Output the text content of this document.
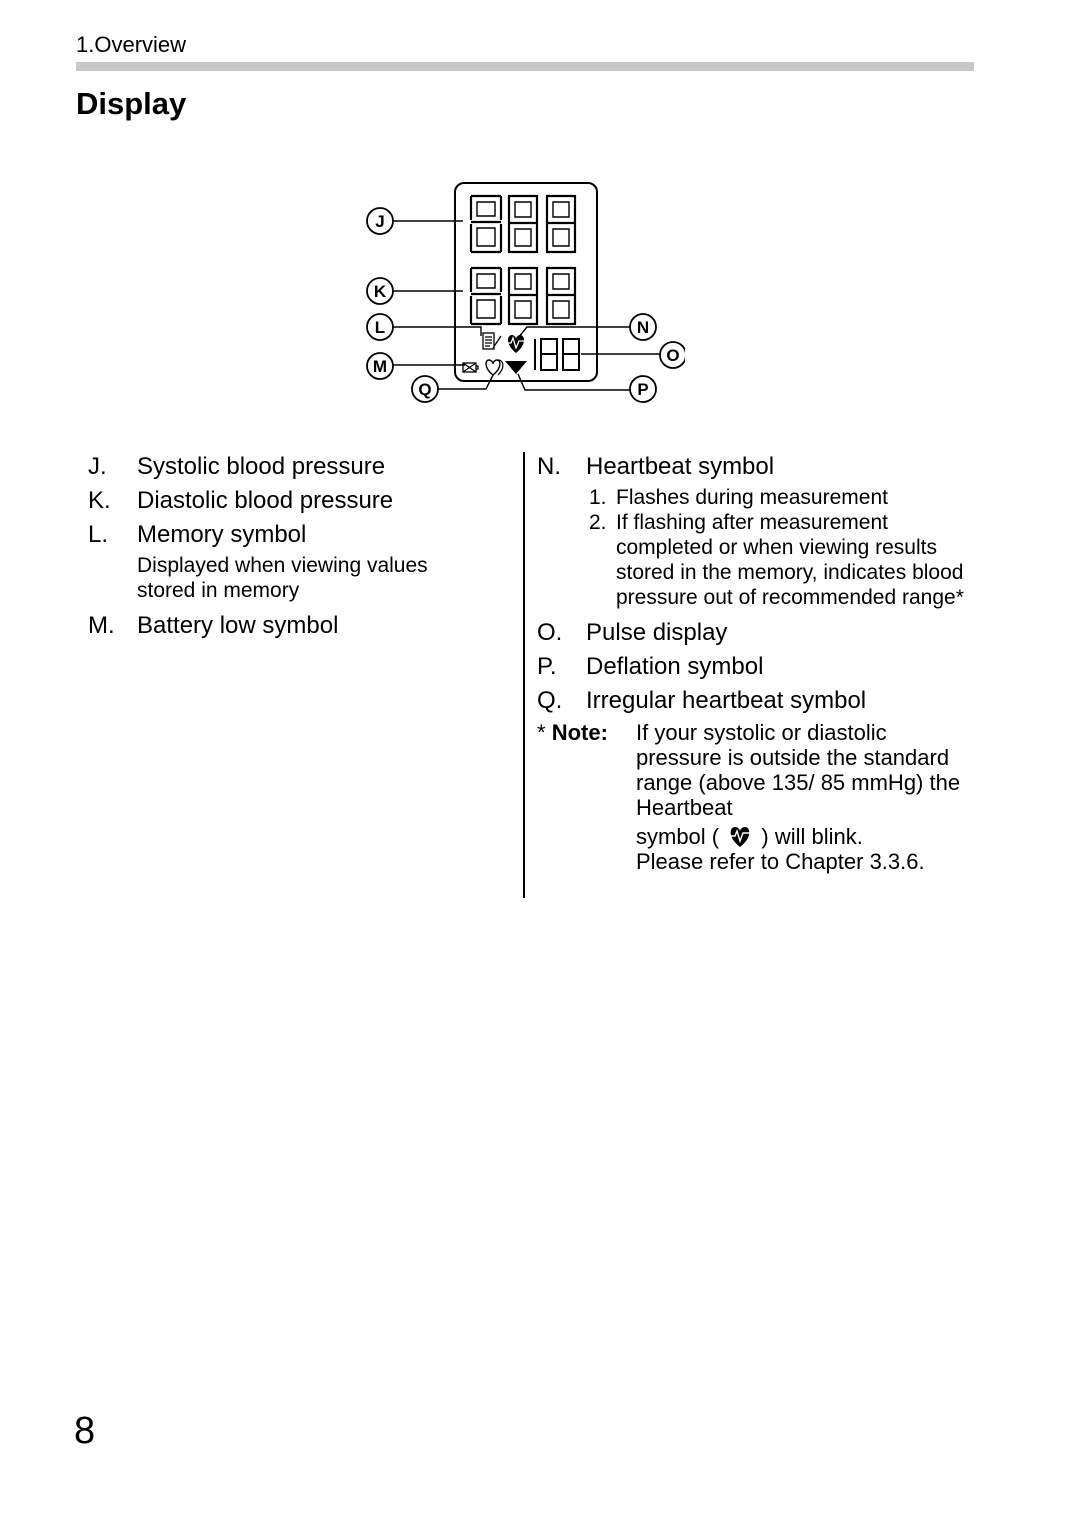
1.Overview
Display
J
K
L
M
Q
N
O
P
J.	Systolic blood pressure
K.	Diastolic blood pressure
L.	Memory symbol
Displayed when viewing values stored in memory
M. Battery low symbol
N.	Heartbeat symbol
1. Flashes during measurement
2. If flashing after measurement completed or when viewing results stored in the memory, indicates blood pressure out of recommended range*
O. Pulse display
P.	Deflation symbol
Q. Irregular heartbeat symbol
* Note:	If your systolic or diastolic pressure is outside the standard range (above 135/ 85 mmHg) the Heartbeat

symbol ( ) will blink.

Please refer to Chapter 3.3.6.

8
